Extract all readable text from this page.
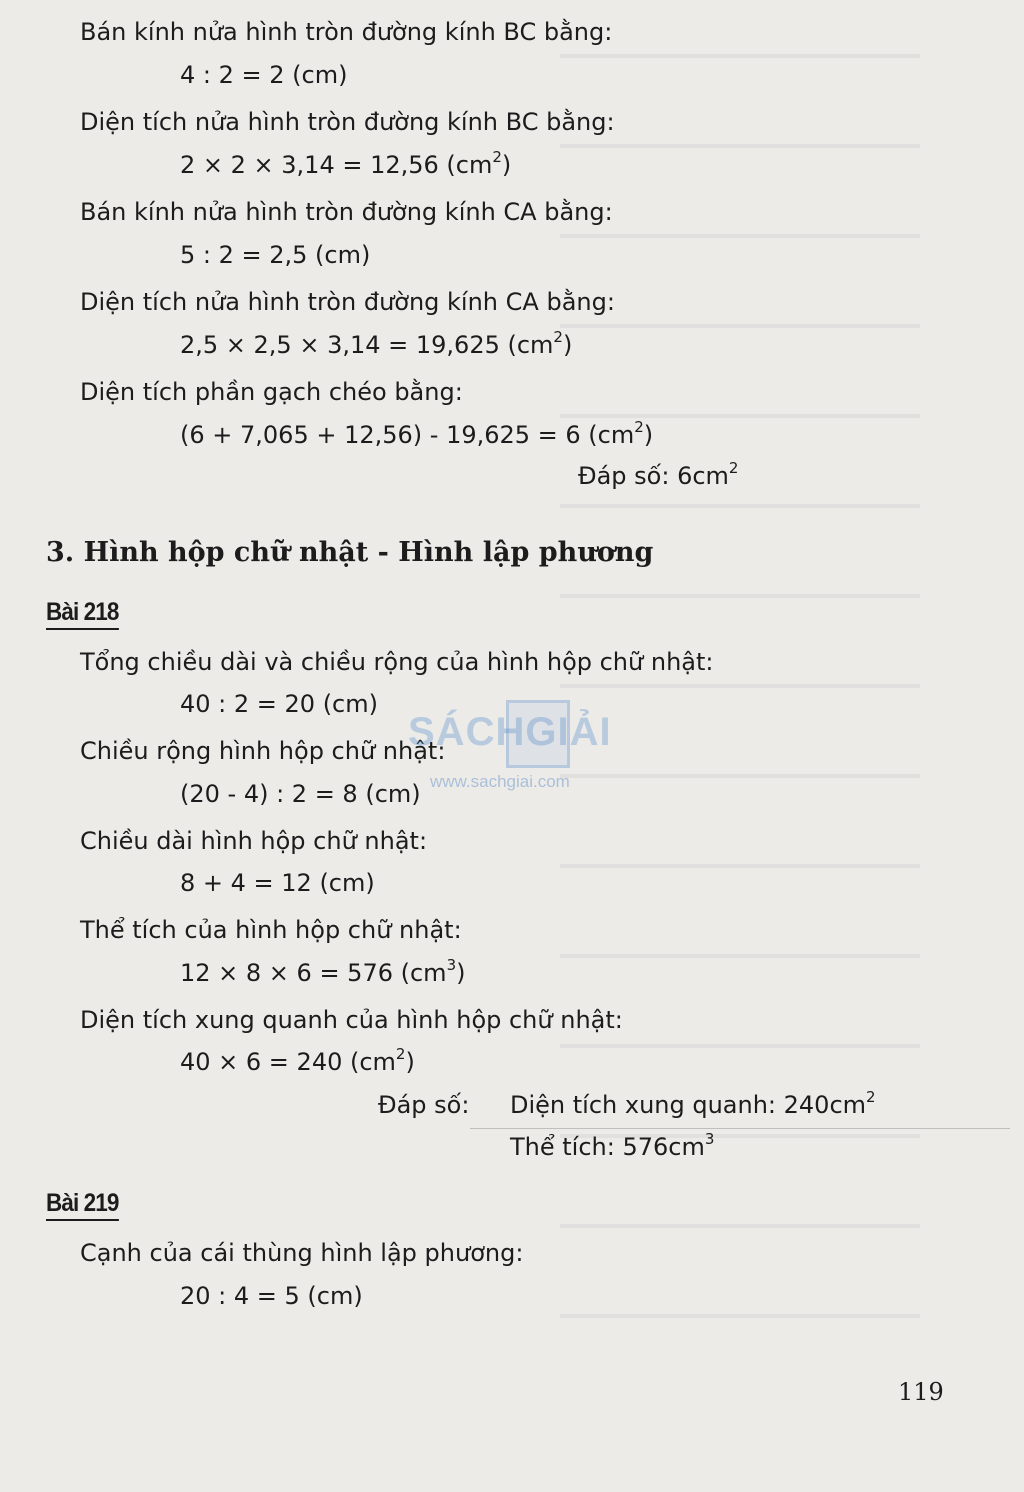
Bán kính nửa hình tròn đường kính BC bằng:

4 : 2 = 2 (cm)

Diện tích nửa hình tròn đường kính BC bằng:

2 × 2 × 3,14 = 12,56 $(cm^2)$

Bán kính nửa hình tròn đường kính CA bằng:

5 : 2 = 2,5 (cm)

Diện tích nửa hình tròn đường kính CA bằng:

2,5 × 2,5 × 3,14 = 19,625 $(cm^2)$

Diện tích phần gạch chéo bằng:

(6 + 7,065 + 12,56) - 19,625 = 6 $(cm^2)$

Đáp số: $6cm^2$

3. Hình hộp chữ nhật - Hình lập phương
Bài 218

Tổng chiều dài và chiều rộng của hình hộp chữ nhật:

40 : 2 = 20 (cm)

Chiều rộng hình hộp chữ nhật:

(20 - 4) : 2 = 8 (cm)

Chiều dài hình hộp chữ nhật:

8 + 4 = 12 (cm)

Thể tích của hình hộp chữ nhật:

12 × 8 × 6 = 576 $(cm^3)$

Diện tích xung quanh của hình hộp chữ nhật:

40 × 6 = 240 $(cm^2)$

Đáp số: Diện tích xung quanh: $240cm^2$

Thể tích: $576cm^3$

Bài 219

Cạnh của cái thùng hình lập phương:

20 : 4 = 5 (cm)

SÁCHGIẢI
www.sachgiai.com

119
